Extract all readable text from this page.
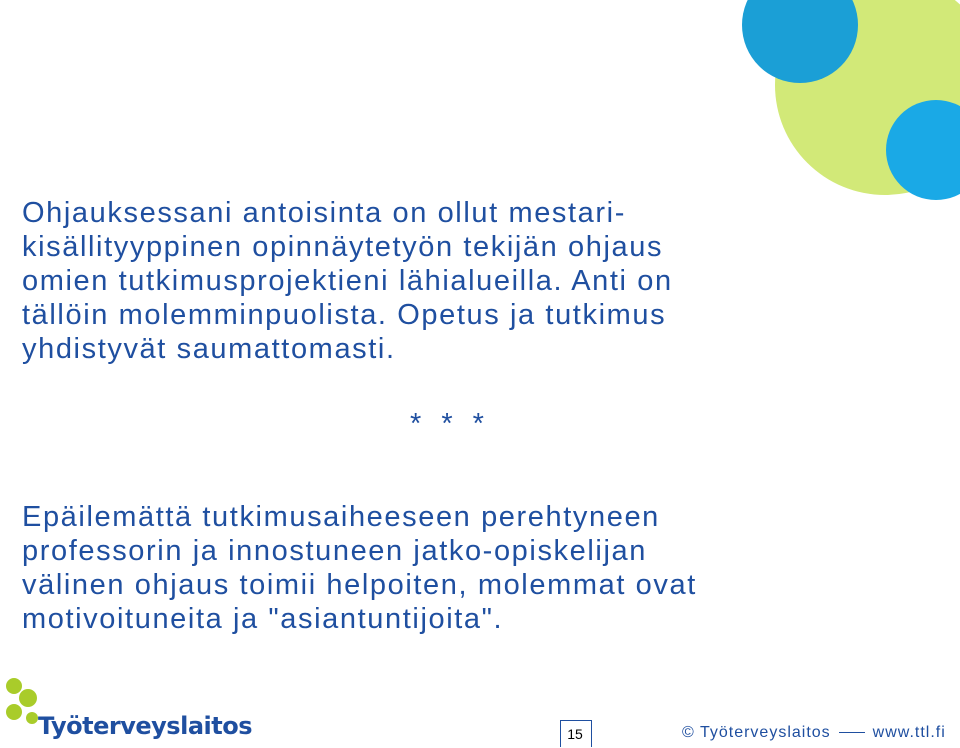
Ohjauksessani antoisinta on ollut mestari-
kisällityyppinen opinnäytetyön tekijän ohjaus
omien tutkimusprojektieni lähialueilla. Anti on
tällöin molemminpuolista. Opetus ja tutkimus
yhdistyvät saumattomasti.
* * *
Epäilemättä tutkimusaiheeseen perehtyneen
professorin ja innostuneen jatko-opiskelijan
välinen ohjaus toimii helpoiten, molemmat ovat
motivoituneita ja "asiantuntijoita".
Työterveyslaitos	15	© Työterveyslaitos	www.ttl.fi
